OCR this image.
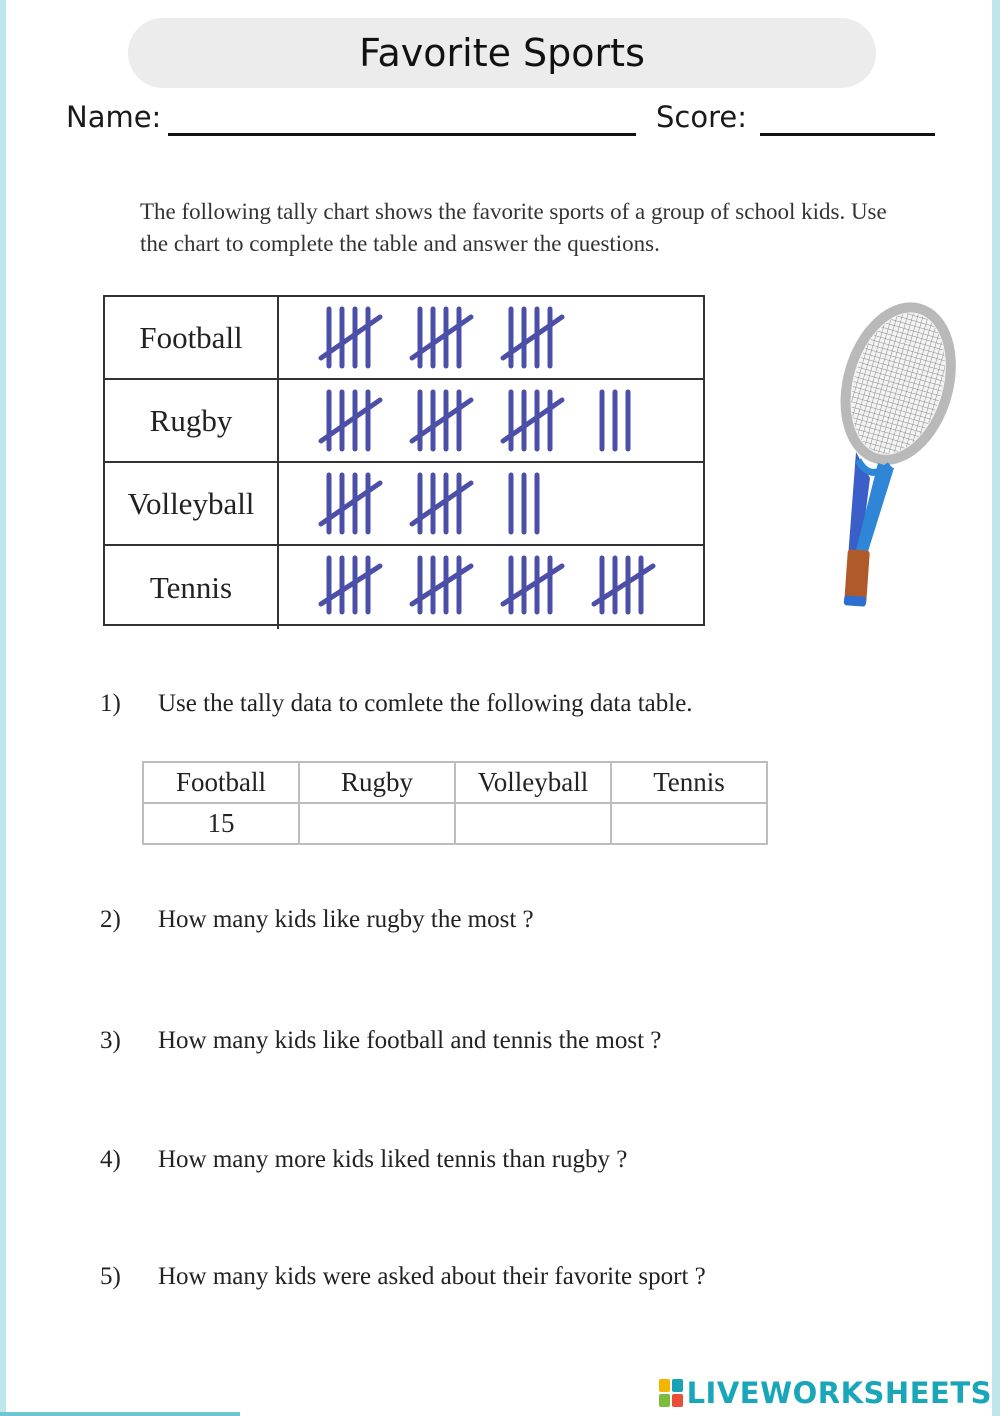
Favorite Sports
Name:	Score:
The following tally chart shows the favorite sports of a group of school kids. Use the chart to complete the table and answer the questions.
Football
Rugby
Volleyball
Tennis
1) Use the tally data to comlete the following data table.
Football	Rugby	Volleyball	Tennis
15			
2) How many kids like rugby the most ?
3) How many kids like football and tennis the most ?
4) How many more kids liked tennis than rugby ?
5) How many kids were asked about their favorite sport ?
LIVEWORKSHEETS
